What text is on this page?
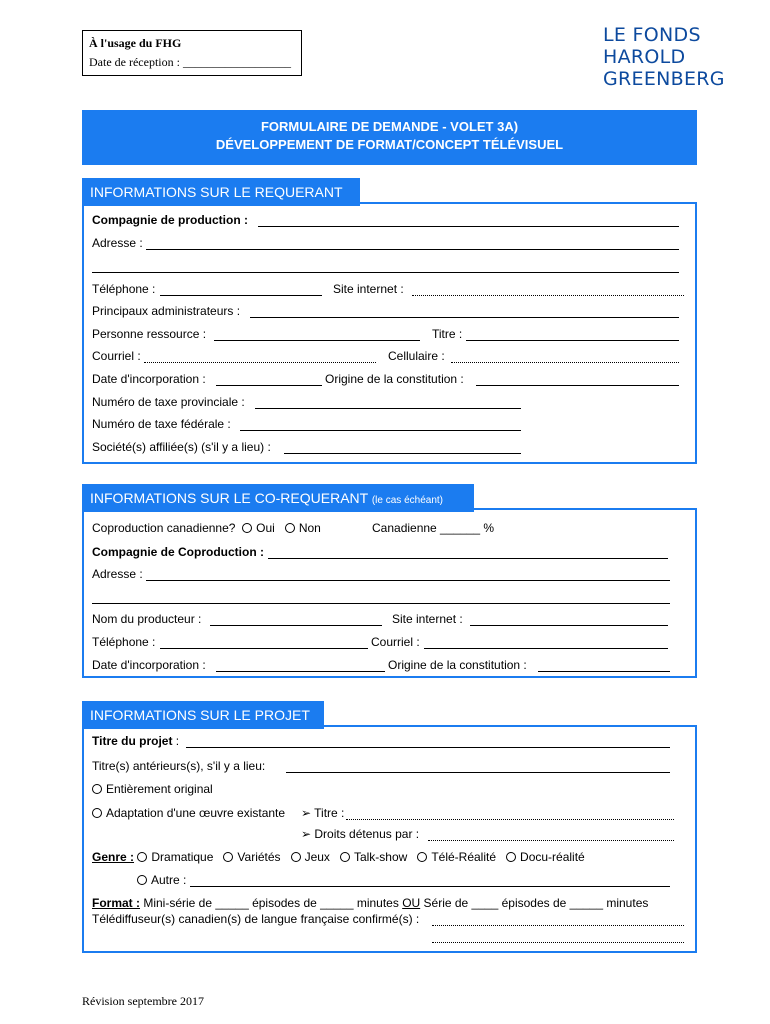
À l'usage du FHG
Date de réception : __________________
LE FONDS
HAROLD
GREENBERG
FORMULAIRE DE DEMANDE - VOLET 3A)
DÉVELOPPEMENT DE FORMAT/CONCEPT TÉLÉVISUEL
INFORMATIONS SUR LE REQUERANT
Compagnie de production :
Adresse :
Téléphone :	Site internet :
Principaux administrateurs :
Personne ressource :	Titre :
Courriel :	Cellulaire :
Date d'incorporation :	Origine de la constitution :
Numéro de taxe provinciale :
Numéro de taxe fédérale :
Société(s) affiliée(s) (s'il y a lieu) :
INFORMATIONS SUR LE CO-REQUERANT (le cas échéant)
Coproduction canadienne? Oui Non	Canadienne ______ %
Compagnie de Coproduction :
Adresse :
Nom du producteur :	Site internet :
Téléphone :	Courriel :
Date d'incorporation :	Origine de la constitution :
INFORMATIONS SUR LE PROJET
Titre du projet :
Titre(s) antérieurs(s), s'il y a lieu:
Entièrement original
Adaptation d'une œuvre existante ➢ Titre :
➢ Droits détenus par :
Genre : Dramatique Variétés Jeux Talk-show Télé-Réalité Docu-réalité
Autre :
Format : Mini-série de _____ épisodes de _____ minutes OU Série de ____ épisodes de _____ minutes
Télédiffuseur(s) canadien(s) de langue française confirmé(s) :
Révision septembre 2017
